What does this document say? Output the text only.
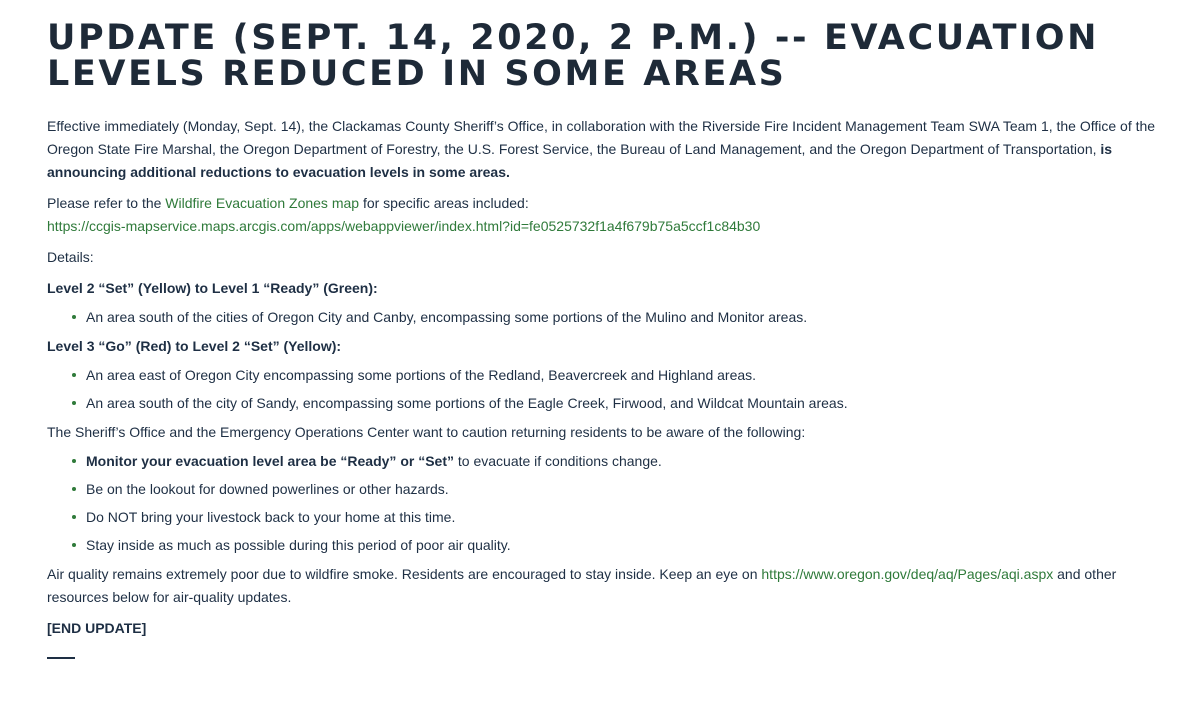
UPDATE (SEPT. 14, 2020, 2 P.M.) -- EVACUATION LEVELS REDUCED IN SOME AREAS

Effective immediately (Monday, Sept. 14), the Clackamas County Sheriff’s Office, in collaboration with the Riverside Fire Incident Management Team SWA Team 1, the Office of the Oregon State Fire Marshal, the Oregon Department of Forestry, the U.S. Forest Service, the Bureau of Land Management, and the Oregon Department of Transportation, is announcing additional reductions to evacuation levels in some areas.

Please refer to the Wildfire Evacuation Zones map for specific areas included:
https://ccgis-mapservice.maps.arcgis.com/apps/webappviewer/index.html?id=fe0525732f1a4f679b75a5ccf1c84b30

Details:

Level 2 “Set” (Yellow) to Level 1 “Ready” (Green):

An area south of the cities of Oregon City and Canby, encompassing some portions of the Mulino and Monitor areas.

Level 3 “Go” (Red) to Level 2 “Set” (Yellow):

An area east of Oregon City encompassing some portions of the Redland, Beavercreek and Highland areas.
An area south of the city of Sandy, encompassing some portions of the Eagle Creek, Firwood, and Wildcat Mountain areas.

The Sheriff’s Office and the Emergency Operations Center want to caution returning residents to be aware of the following:

Monitor your evacuation level area be “Ready” or “Set” to evacuate if conditions change.
Be on the lookout for downed powerlines or other hazards.
Do NOT bring your livestock back to your home at this time.
Stay inside as much as possible during this period of poor air quality.

Air quality remains extremely poor due to wildfire smoke. Residents are encouraged to stay inside. Keep an eye on https://www.oregon.gov/deq/aq/Pages/aqi.aspx and other resources below for air-quality updates.

[END UPDATE]
